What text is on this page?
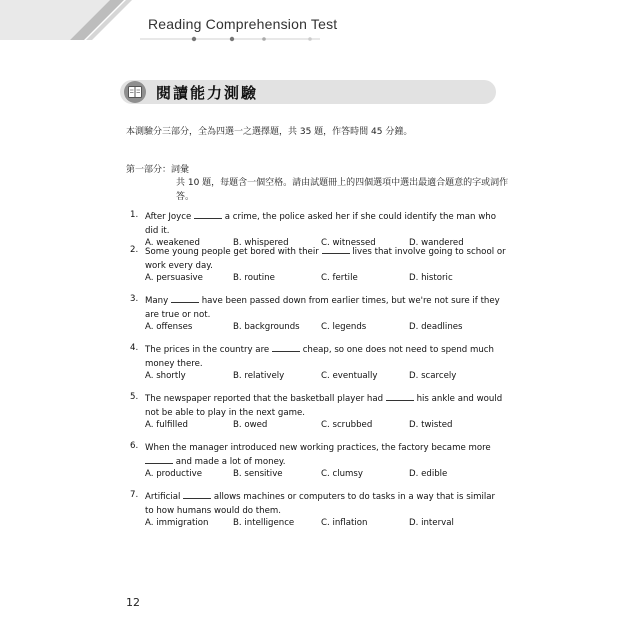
Reading Comprehension Test
閱讀能力測驗
本測驗分三部分，全為四選一之選擇題，共 35 題，作答時間 45 分鐘。
第一部分：詞彙
共 10 題，每題含一個空格。請由試題冊上的四個選項中選出最適合題意的字或詞作答。
1. After Joyce	a crime, the police asked her if she could identify the man who did it.
A. weakened	B. whispered	C. witnessed	D. wandered
2. Some young people get bored with their	lives that involve going to school or work every day.
A. persuasive	B. routine	C. fertile	D. historic
3. Many	have been passed down from earlier times, but we're not sure if they are true or not.
A. offenses	B. backgrounds C. legends	D. deadlines
4. The prices in the country are	cheap, so one does not need to spend much money there.
A. shortly	B. relatively	C. eventually	D. scarcely
5. The newspaper reported that the basketball player had	his ankle and would not be able to play in the next game.
A. fulfilled	B. owed	C. scrubbed	D. twisted
6. When the manager introduced new working practices, the factory became more  and made a lot of money.
A. productive	B. sensitive	C. clumsy	D. edible
7. Artificial	allows machines or computers to do tasks in a way that is similar to how humans would do them.
A. immigration	B. intelligence	C. inflation	D. interval
12
